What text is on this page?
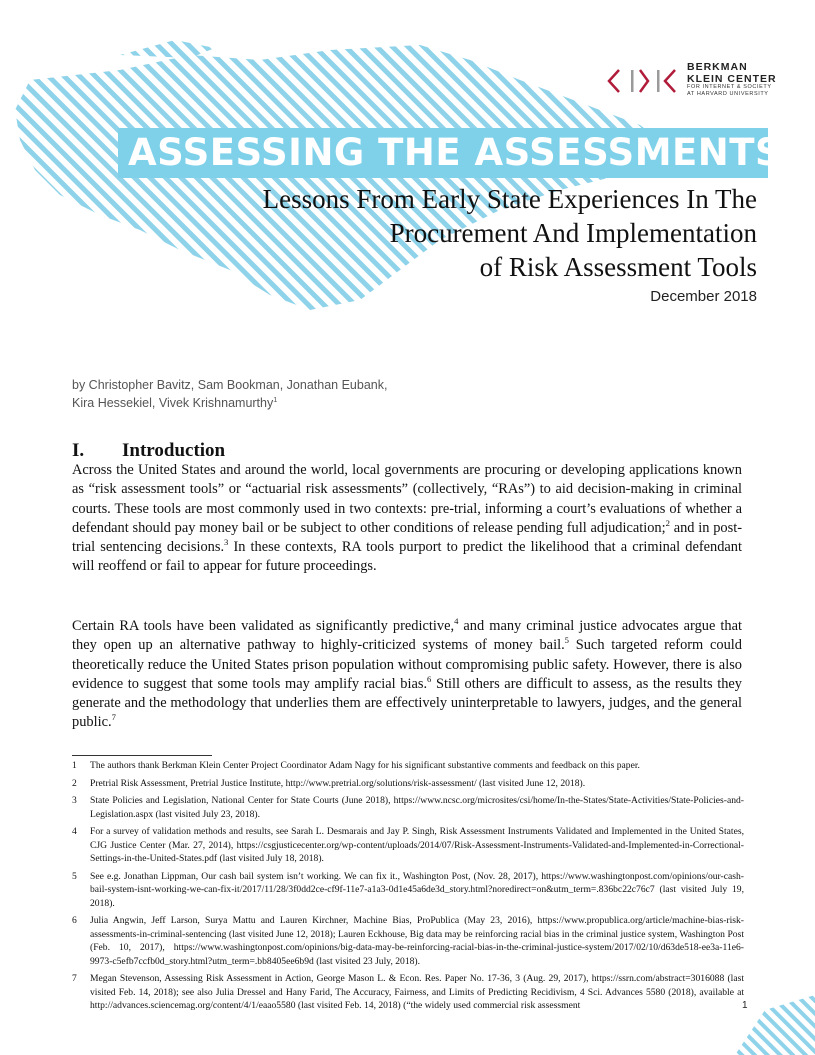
BERKMAN
KLEIN CENTER
FOR INTERNET & SOCIETY
AT HARVARD UNIVERSITY
ASSESSING THE ASSESSMENTS
Lessons From Early State Experiences In The
Procurement And Implementation
of Risk Assessment Tools
December 2018
by Christopher Bavitz, Sam Bookman, Jonathan Eubank,
Kira Hessekiel, Vivek Krishnamurthy$^1$
I. Introduction
Across the United States and around the world, local governments are procuring or developing applications known as “risk assessment tools” or “actuarial risk assessments” (collectively, “RAs”) to aid decision-making in criminal courts. These tools are most commonly used in two contexts: pre-trial, informing a court’s evaluations of whether a defendant should pay money bail or be subject to other conditions of release pending full adjudication;$^2$ and in post-trial sentencing decisions.$^3$ In these contexts, RA tools purport to predict the likelihood that a criminal defendant will reoffend or fail to appear for future proceedings.
Certain RA tools have been validated as significantly predictive,$^4$ and many criminal justice advocates argue that they open up an alternative pathway to highly-criticized systems of money bail.$^5$ Such targeted reform could theoretically reduce the United States prison population without compromising public safety. However, there is also evidence to suggest that some tools may amplify racial bias.$^6$ Still others are difficult to assess, as the results they generate and the methodology that underlies them are effectively uninterpretable to lawyers, judges, and the general public.$^7$
1 The authors thank Berkman Klein Center Project Coordinator Adam Nagy for his significant substantive comments and feedback on this paper.
2 Pretrial Risk Assessment, Pretrial Justice Institute, http://www.pretrial.org/solutions/risk-assessment/ (last visited June 12, 2018).
3 State Policies and Legislation, National Center for State Courts (June 2018), https://www.ncsc.org/microsites/csi/home/In-the-States/State-Activities/State-Policies-and-Legislation.aspx (last visited July 23, 2018).
4 For a survey of validation methods and results, see Sarah L. Desmarais and Jay P. Singh, Risk Assessment Instruments Validated and Implemented in the United States, CJG Justice Center (Mar. 27, 2014), https://csgjusticecenter.org/wp-content/uploads/2014/07/Risk-Assessment-Instruments-Validated-and-Implemented-in-Correctional-Settings-in-the-United-States.pdf (last visited July 18, 2018).
5 See e.g. Jonathan Lippman, Our cash bail system isn’t working. We can fix it., Washington Post, (Nov. 28, 2017), https://www.washingtonpost.com/opinions/our-cash-bail-system-isnt-working-we-can-fix-it/2017/11/28/3f0dd2ce-cf9f-11e7-a1a3-0d1e45a6de3d_story.html?noredirect=on&utm_term=.836bc22c76c7 (last visited July 19, 2018).
6 Julia Angwin, Jeff Larson, Surya Mattu and Lauren Kirchner, Machine Bias, ProPublica (May 23, 2016), https://www.propublica.org/article/machine-bias-risk-assessments-in-criminal-sentencing (last visited June 12, 2018); Lauren Eckhouse, Big data may be reinforcing racial bias in the criminal justice system, Washington Post (Feb. 10, 2017), https://www.washingtonpost.com/opinions/big-data-may-be-reinforcing-racial-bias-in-the-criminal-justice-system/2017/02/10/d63de518-ee3a-11e6-9973-c5efb7ccfb0d_story.html?utm_term=.bb8405ee6b9d (last visited 23 July, 2018).
7 Megan Stevenson, Assessing Risk Assessment in Action, George Mason L. & Econ. Res. Paper No. 17-36, 3 (Aug. 29, 2017), https://ssrn.com/abstract=3016088 (last visited Feb. 14, 2018); see also Julia Dressel and Hany Farid, The Accuracy, Fairness, and Limits of Predicting Recidivism, 4 Sci. Advances 5580 (2018), available at http://advances.sciencemag.org/content/4/1/eaao5580 (last visited Feb. 14, 2018) (“the widely used commercial risk assessment	1
